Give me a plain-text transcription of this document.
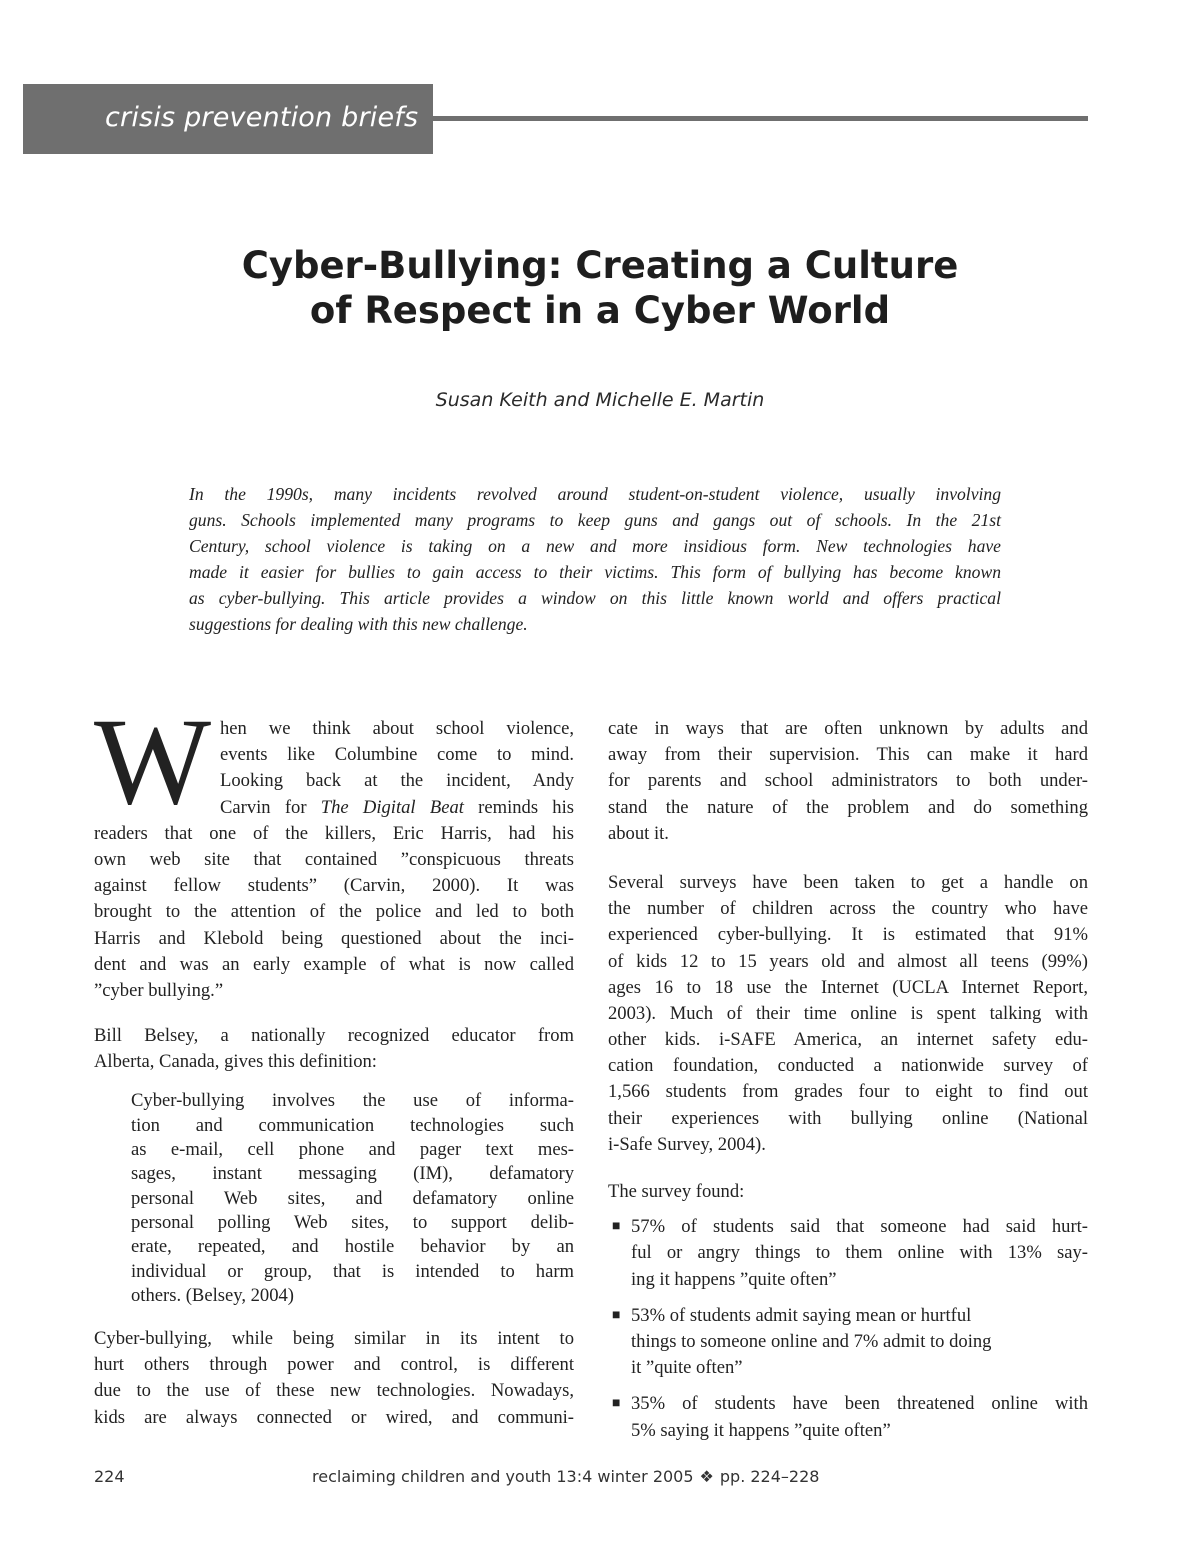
crisis prevention briefs
Cyber-Bullying: Creating a Culture
of Respect in a Cyber World
Susan Keith and Michelle E. Martin
In the 1990s, many incidents revolved around student-on-student violence, usually involving
guns. Schools implemented many programs to keep guns and gangs out of schools. In the 21st
Century, school violence is taking on a new and more insidious form. New technologies have
made it easier for bullies to gain access to their victims. This form of bullying has become known
as cyber-bullying. This article provides a window on this little known world and offers practical
suggestions for dealing with this new challenge.
W hen we think about school violence,
events like Columbine come to mind.
Looking back at the incident, Andy
Carvin for The Digital Beat reminds his
readers that one of the killers, Eric Harris, had his
own web site that contained ”conspicuous threats
against fellow students” (Carvin, 2000). It was
brought to the attention of the police and led to both
Harris and Klebold being questioned about the inci-
dent and was an early example of what is now called
”cyber bullying.”
Bill Belsey, a nationally recognized educator from
Alberta, Canada, gives this definition:
Cyber-bullying involves the use of informa-
tion and communication technologies such
as e-mail, cell phone and pager text mes-
sages, instant messaging (IM), defamatory
personal Web sites, and defamatory online
personal polling Web sites, to support delib-
erate, repeated, and hostile behavior by an
individual or group, that is intended to harm
others. (Belsey, 2004)
Cyber-bullying, while being similar in its intent to
hurt others through power and control, is different
due to the use of these new technologies. Nowadays,
kids are always connected or wired, and communi-
cate in ways that are often unknown by adults and
away from their supervision. This can make it hard
for parents and school administrators to both under-
stand the nature of the problem and do something
about it.
Several surveys have been taken to get a handle on
the number of children across the country who have
experienced cyber-bullying. It is estimated that 91%
of kids 12 to 15 years old and almost all teens (99%)
ages 16 to 18 use the Internet (UCLA Internet Report,
2003). Much of their time online is spent talking with
other kids. i-SAFE America, an internet safety edu-
cation foundation, conducted a nationwide survey of
1,566 students from grades four to eight to find out
their experiences with bullying online (National
i-Safe Survey, 2004).
The survey found:
■ 57% of students said that someone had said hurt-
ful or angry things to them online with 13% say-
ing it happens ”quite often”
■ 53% of students admit saying mean or hurtful
things to someone online and 7% admit to doing
it ”quite often”
■ 35% of students have been threatened online with
5% saying it happens ”quite often”
224	reclaiming children and youth 13:4 winter 2005 ❖ pp. 224–228
